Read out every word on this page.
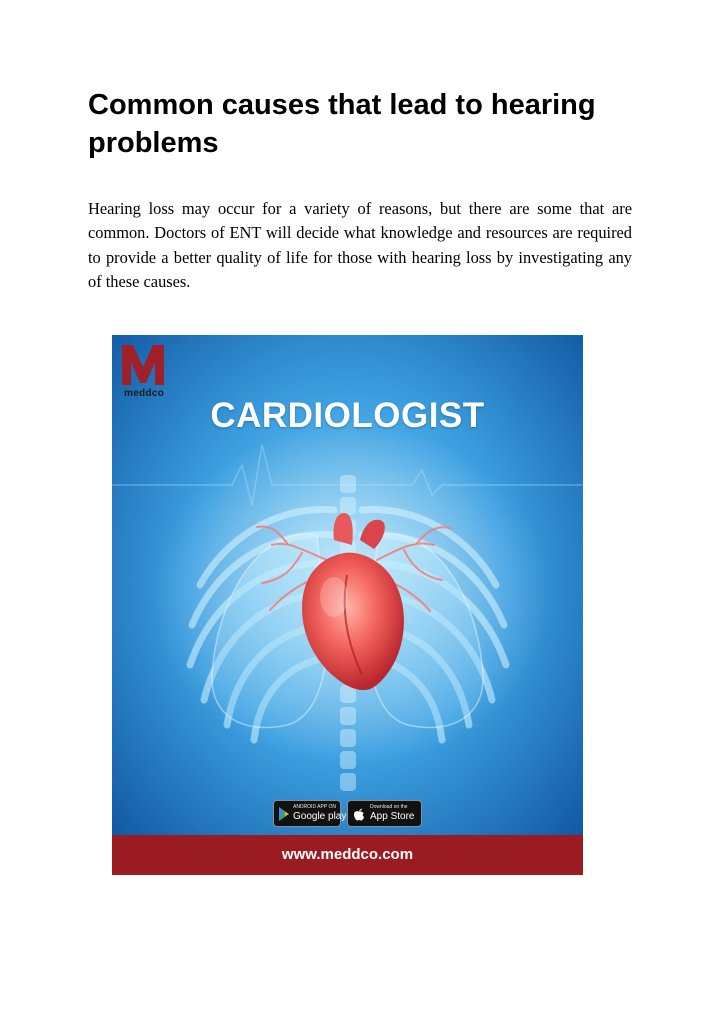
Common causes that lead to hearing problems

Hearing loss may occur for a variety of reasons, but there are some that are common. Doctors of ENT will decide what knowledge and resources are required to provide a better quality of life for those with hearing loss by investigating any of these causes.

meddco
CARDIOLOGIST
ANDROID APP ON
Google play
Download on the
App Store
www.meddco.com
